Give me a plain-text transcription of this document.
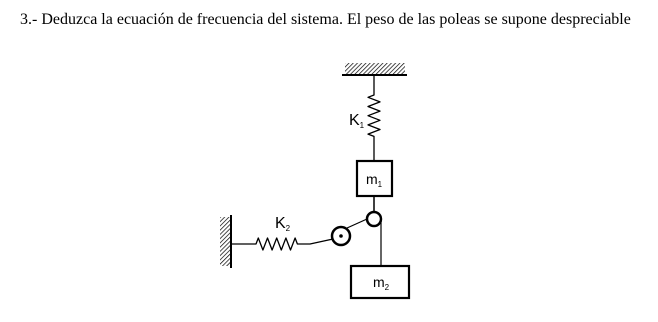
3.- Deduzca la ecuación de frecuencia del sistema. El peso de las poleas se supone despreciable

K1
$m_1$
K2
$m_2$
